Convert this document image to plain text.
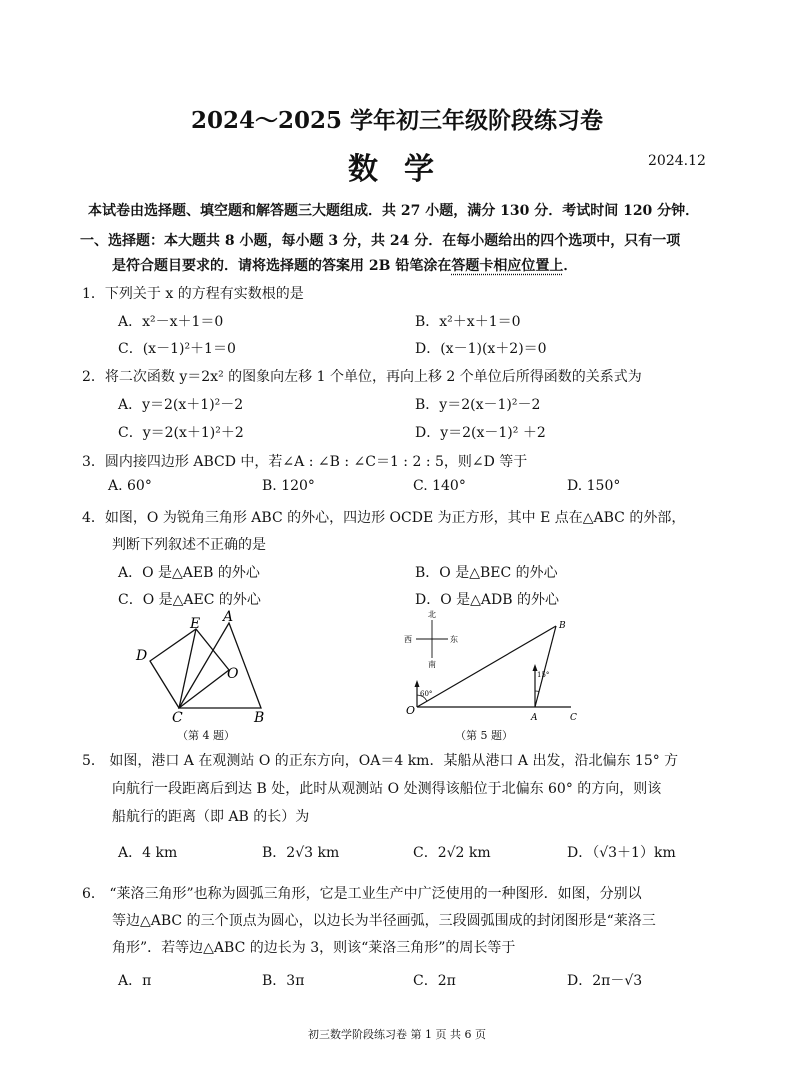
2024～2025 学年初三年级阶段练习卷
数学	2024.12
本试卷由选择题、填空题和解答题三大题组成．共 27 小题，满分 130 分．考试时间 120 分钟．
一、选择题：本大题共 8 小题，每小题 3 分，共 24 分．在每小题给出的四个选项中，只有一项
是符合题目要求的．请将选择题的答案用 2B 铅笔涂在答题卡相应位置上．
1．下列关于 x 的方程有实数根的是
A．x²－x＋1＝0	B．x²＋x＋1＝0
C．(x－1)²＋1＝0	D．(x－1)(x＋2)＝0
2．将二次函数 y＝2x² 的图象向左移 1 个单位，再向上移 2 个单位后所得函数的关系式为
A．y＝2(x＋1)²－2	B．y＝2(x－1)²－2
C．y＝2(x＋1)²＋2	D．y＝2(x－1)² ＋2
3．圆内接四边形 ABCD 中，若∠A : ∠B : ∠C＝1 : 2 : 5，则∠D 等于
A. 60°	B. 120°	C. 140°	D. 150°
4．如图，O 为锐角三角形 ABC 的外心，四边形 OCDE 为正方形，其中 E 点在△ABC 的外部，
判断下列叙述不正确的是
A．O 是△AEB 的外心	B．O 是△BEC 的外心
C．O 是△AEC 的外心	D．O 是△ADB 的外心
A
E
D
O
C	B
（第 4 题）
北
南
西	东
60°
15°
O
A
B
C
（第 5 题）
5． 如图，港口 A 在观测站 O 的正东方向，OA＝4 km．某船从港口 A 出发，沿北偏东 15° 方
向航行一段距离后到达 B 处，此时从观测站 O 处测得该船位于北偏东 60° 的方向，则该
船航行的距离（即 AB 的长）为
A．4 km	B．2√3 km	C．2√2 km	D．（√3＋1）km
6． “莱洛三角形”也称为圆弧三角形，它是工业生产中广泛使用的一种图形．如图，分别以
等边△ABC 的三个顶点为圆心，以边长为半径画弧，三段圆弧围成的封闭图形是“莱洛三
角形”．若等边△ABC 的边长为 3，则该“莱洛三角形”的周长等于
A．π	B．3π	C．2π	D．2π－√3
初三数学阶段练习卷 第 1 页 共 6 页
